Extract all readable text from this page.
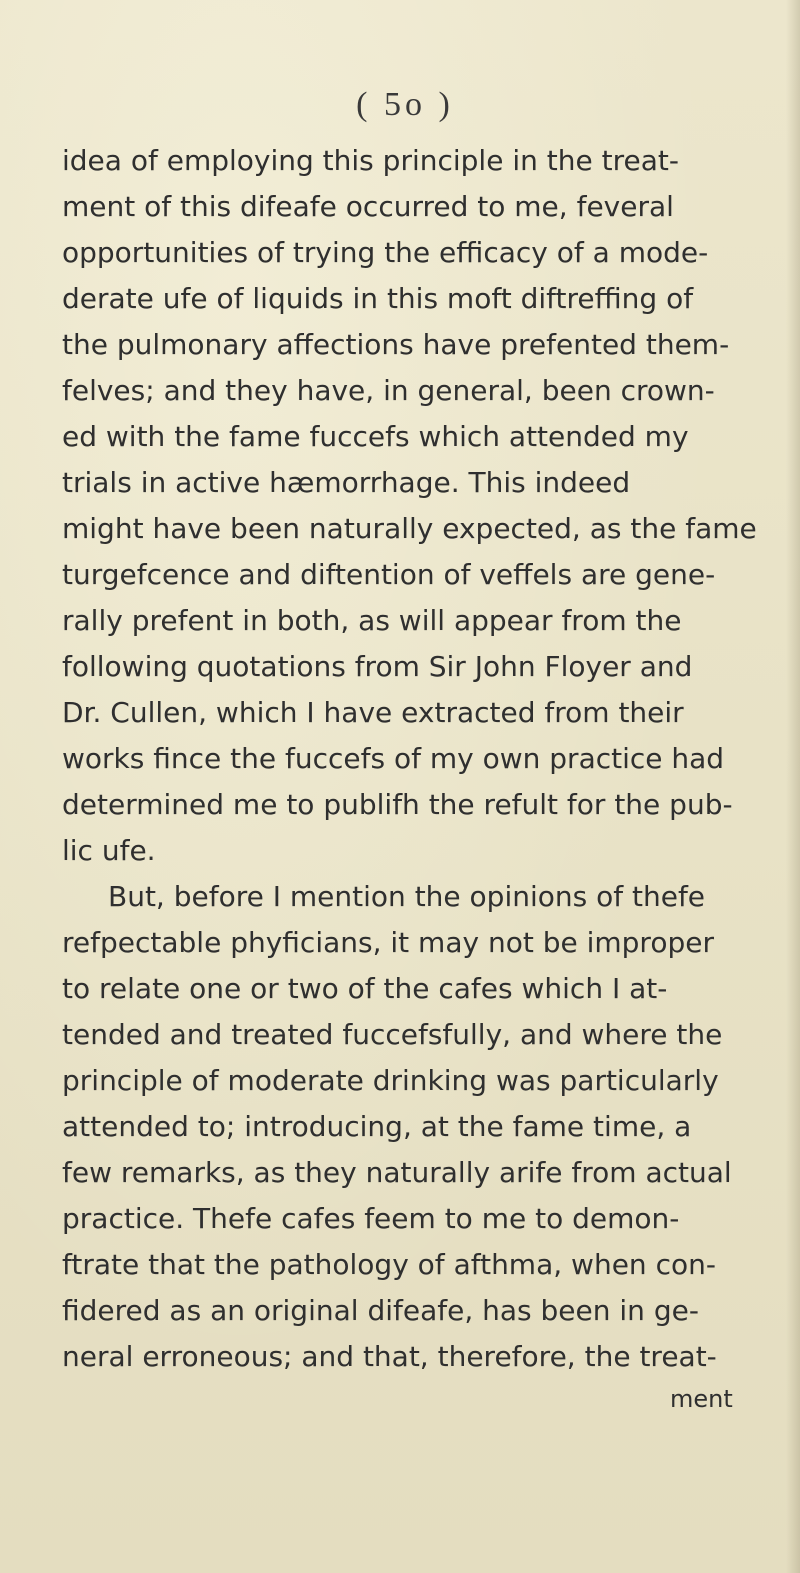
( 5o )
idea of employing this principle in the treat-
ment of this difeafe occurred to me, feveral
opportunities of trying the efficacy of a mode-
derate ufe of liquids in this moft diftreffing of
the pulmonary affections have prefented them-
felves; and they have, in general, been crown-
ed with the fame fuccefs which attended my
trials in active hæmorrhage. This indeed
might have been naturally expected, as the fame
turgefcence and diftention of veffels are gene-
rally prefent in both, as will appear from the
following quotations from Sir John Floyer and
Dr. Cullen, which I have extracted from their
works fince the fuccefs of my own practice had
determined me to publifh the refult for the pub-
lic ufe.
But, before I mention the opinions of thefe
refpectable phyficians, it may not be improper
to relate one or two of the cafes which I at-
tended and treated fuccefsfully, and where the
principle of moderate drinking was particularly
attended to; introducing, at the fame time, a
few remarks, as they naturally arife from actual
practice. Thefe cafes feem to me to demon-
ftrate that the pathology of afthma, when con-
fidered as an original difeafe, has been in ge-
neral erroneous; and that, therefore, the treat-
ment
